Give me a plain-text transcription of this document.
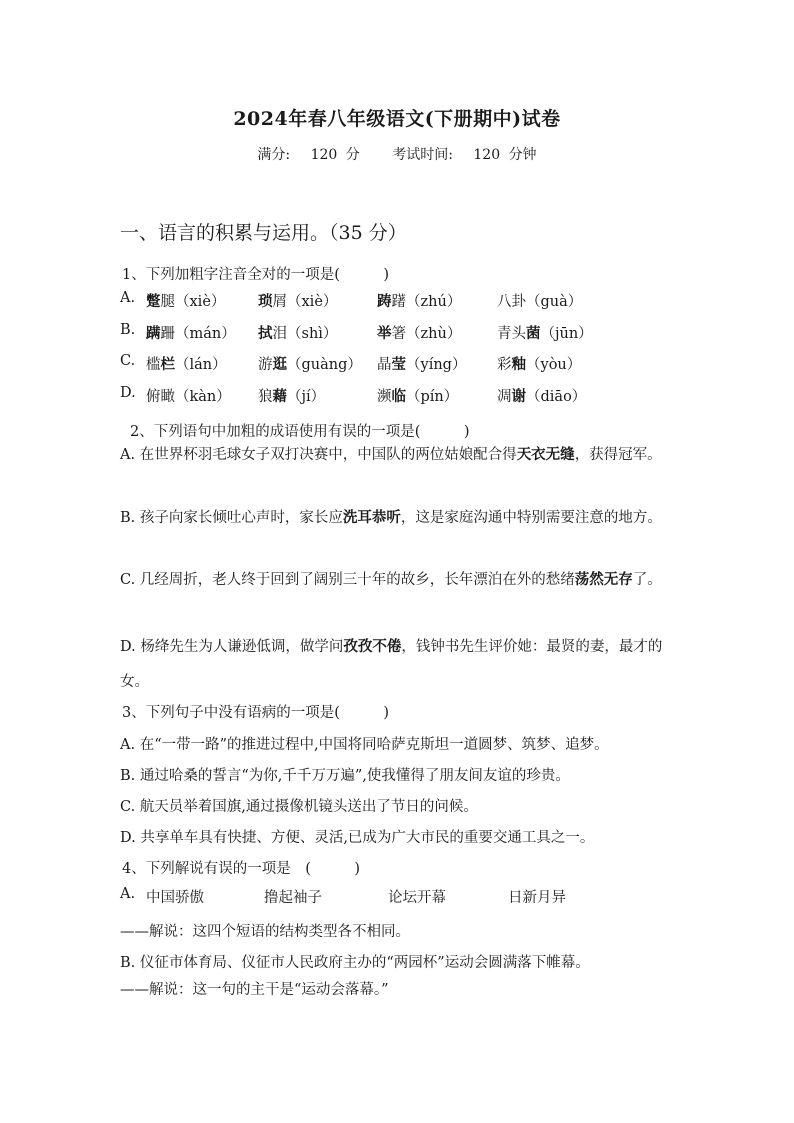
2024年春八年级语文(下册期中)试卷
满分: 120 分 考试时间: 120 分钟
一、语言的积累与运用。（35 分）
1、下列加粗字注音全对的一项是(　　　)
A. 蹩腿（xiè） 琐屑（xiè）	踌躇（zhú） 八卦（guà）
B. 蹒跚（mán） 拭泪（shì）	举箸（zhù） 青头菌（jūn）
C. 槛栏（lán） 游逛（guàng） 晶莹（yíng） 彩釉（yòu）
D. 俯瞰（kàn） 狼藉（jí）	濒临（pín）	凋谢（diāo）
2、下列语句中加粗的成语使用有误的一项是(　　　)
A. 在世界杯羽毛球女子双打决赛中，中国队的两位姑娘配合得天衣无缝，获得冠军。
B. 孩子向家长倾吐心声时，家长应洗耳恭听，这是家庭沟通中特别需要注意的地方。
C. 几经周折，老人终于回到了阔别三十年的故乡，长年漂泊在外的愁绪荡然无存了。
D. 杨绛先生为人谦逊低调，做学问孜孜不倦，钱钟书先生评价她：最贤的妻，最才的女。
3、下列句子中没有语病的一项是(　　　)
A. 在“一带一路”的推进过程中,中国将同哈萨克斯坦一道圆梦、筑梦、追梦。
B. 通过哈桑的誓言“为你,千千万万遍”,使我懂得了朋友间友谊的珍贵。
C. 航天员举着国旗,通过摄像机镜头送出了节日的问候。
D. 共享单车具有快捷、方便、灵活,已成为广大市民的重要交通工具之一。
4、下列解说有误的一项是　(　　　)
A. 中国骄傲	撸起袖子	论坛开幕	日新月异
——解说：这四个短语的结构类型各不相同。
B. 仪征市体育局、仪征市人民政府主办的“两园杯”运动会圆满落下帷幕。
——解说：这一句的主干是“运动会落幕。”
